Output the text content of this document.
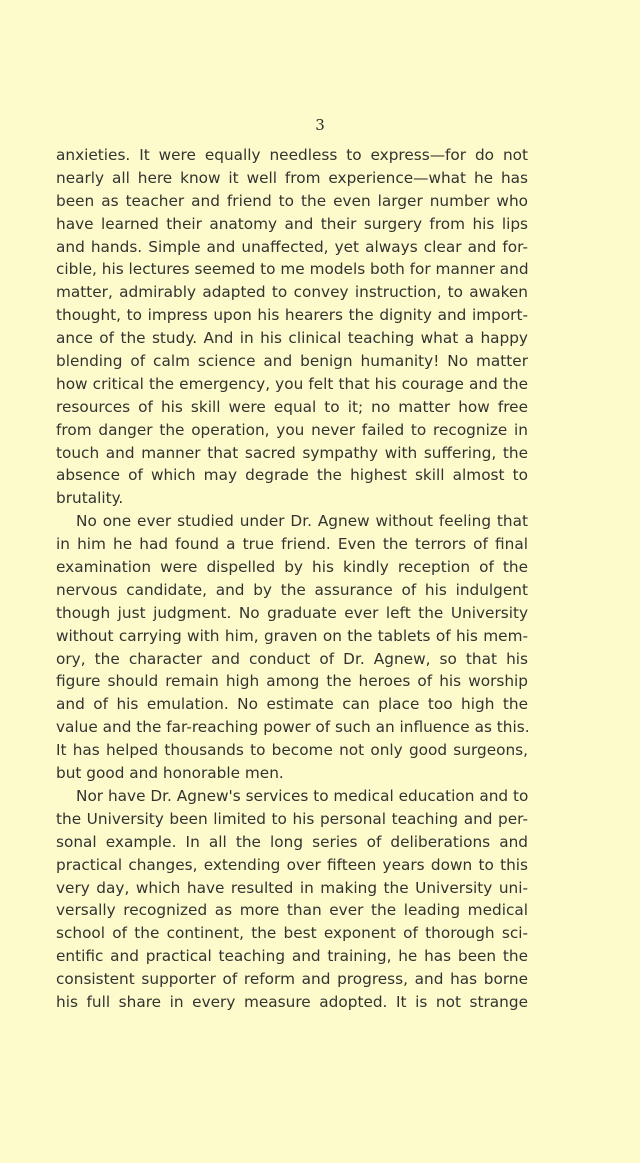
3
anxieties. It were equally needless to express—for do not
nearly all here know it well from experience—what he has
been as teacher and friend to the even larger number who
have learned their anatomy and their surgery from his lips
and hands. Simple and unaffected, yet always clear and for-
cible, his lectures seemed to me models both for manner and
matter, admirably adapted to convey instruction, to awaken
thought, to impress upon his hearers the dignity and import-
ance of the study. And in his clinical teaching what a happy
blending of calm science and benign humanity! No matter
how critical the emergency, you felt that his courage and the
resources of his skill were equal to it; no matter how free
from danger the operation, you never failed to recognize in
touch and manner that sacred sympathy with suffering, the
absence of which may degrade the highest skill almost to
brutality.
No one ever studied under Dr. Agnew without feeling that
in him he had found a true friend. Even the terrors of final
examination were dispelled by his kindly reception of the
nervous candidate, and by the assurance of his indulgent
though just judgment. No graduate ever left the University
without carrying with him, graven on the tablets of his mem-
ory, the character and conduct of Dr. Agnew, so that his
figure should remain high among the heroes of his worship
and of his emulation. No estimate can place too high the
value and the far-reaching power of such an influence as this.
It has helped thousands to become not only good surgeons,
but good and honorable men.
Nor have Dr. Agnew's services to medical education and to
the University been limited to his personal teaching and per-
sonal example. In all the long series of deliberations and
practical changes, extending over fifteen years down to this
very day, which have resulted in making the University uni-
versally recognized as more than ever the leading medical
school of the continent, the best exponent of thorough sci-
entific and practical teaching and training, he has been the
consistent supporter of reform and progress, and has borne
his full share in every measure adopted. It is not strange
